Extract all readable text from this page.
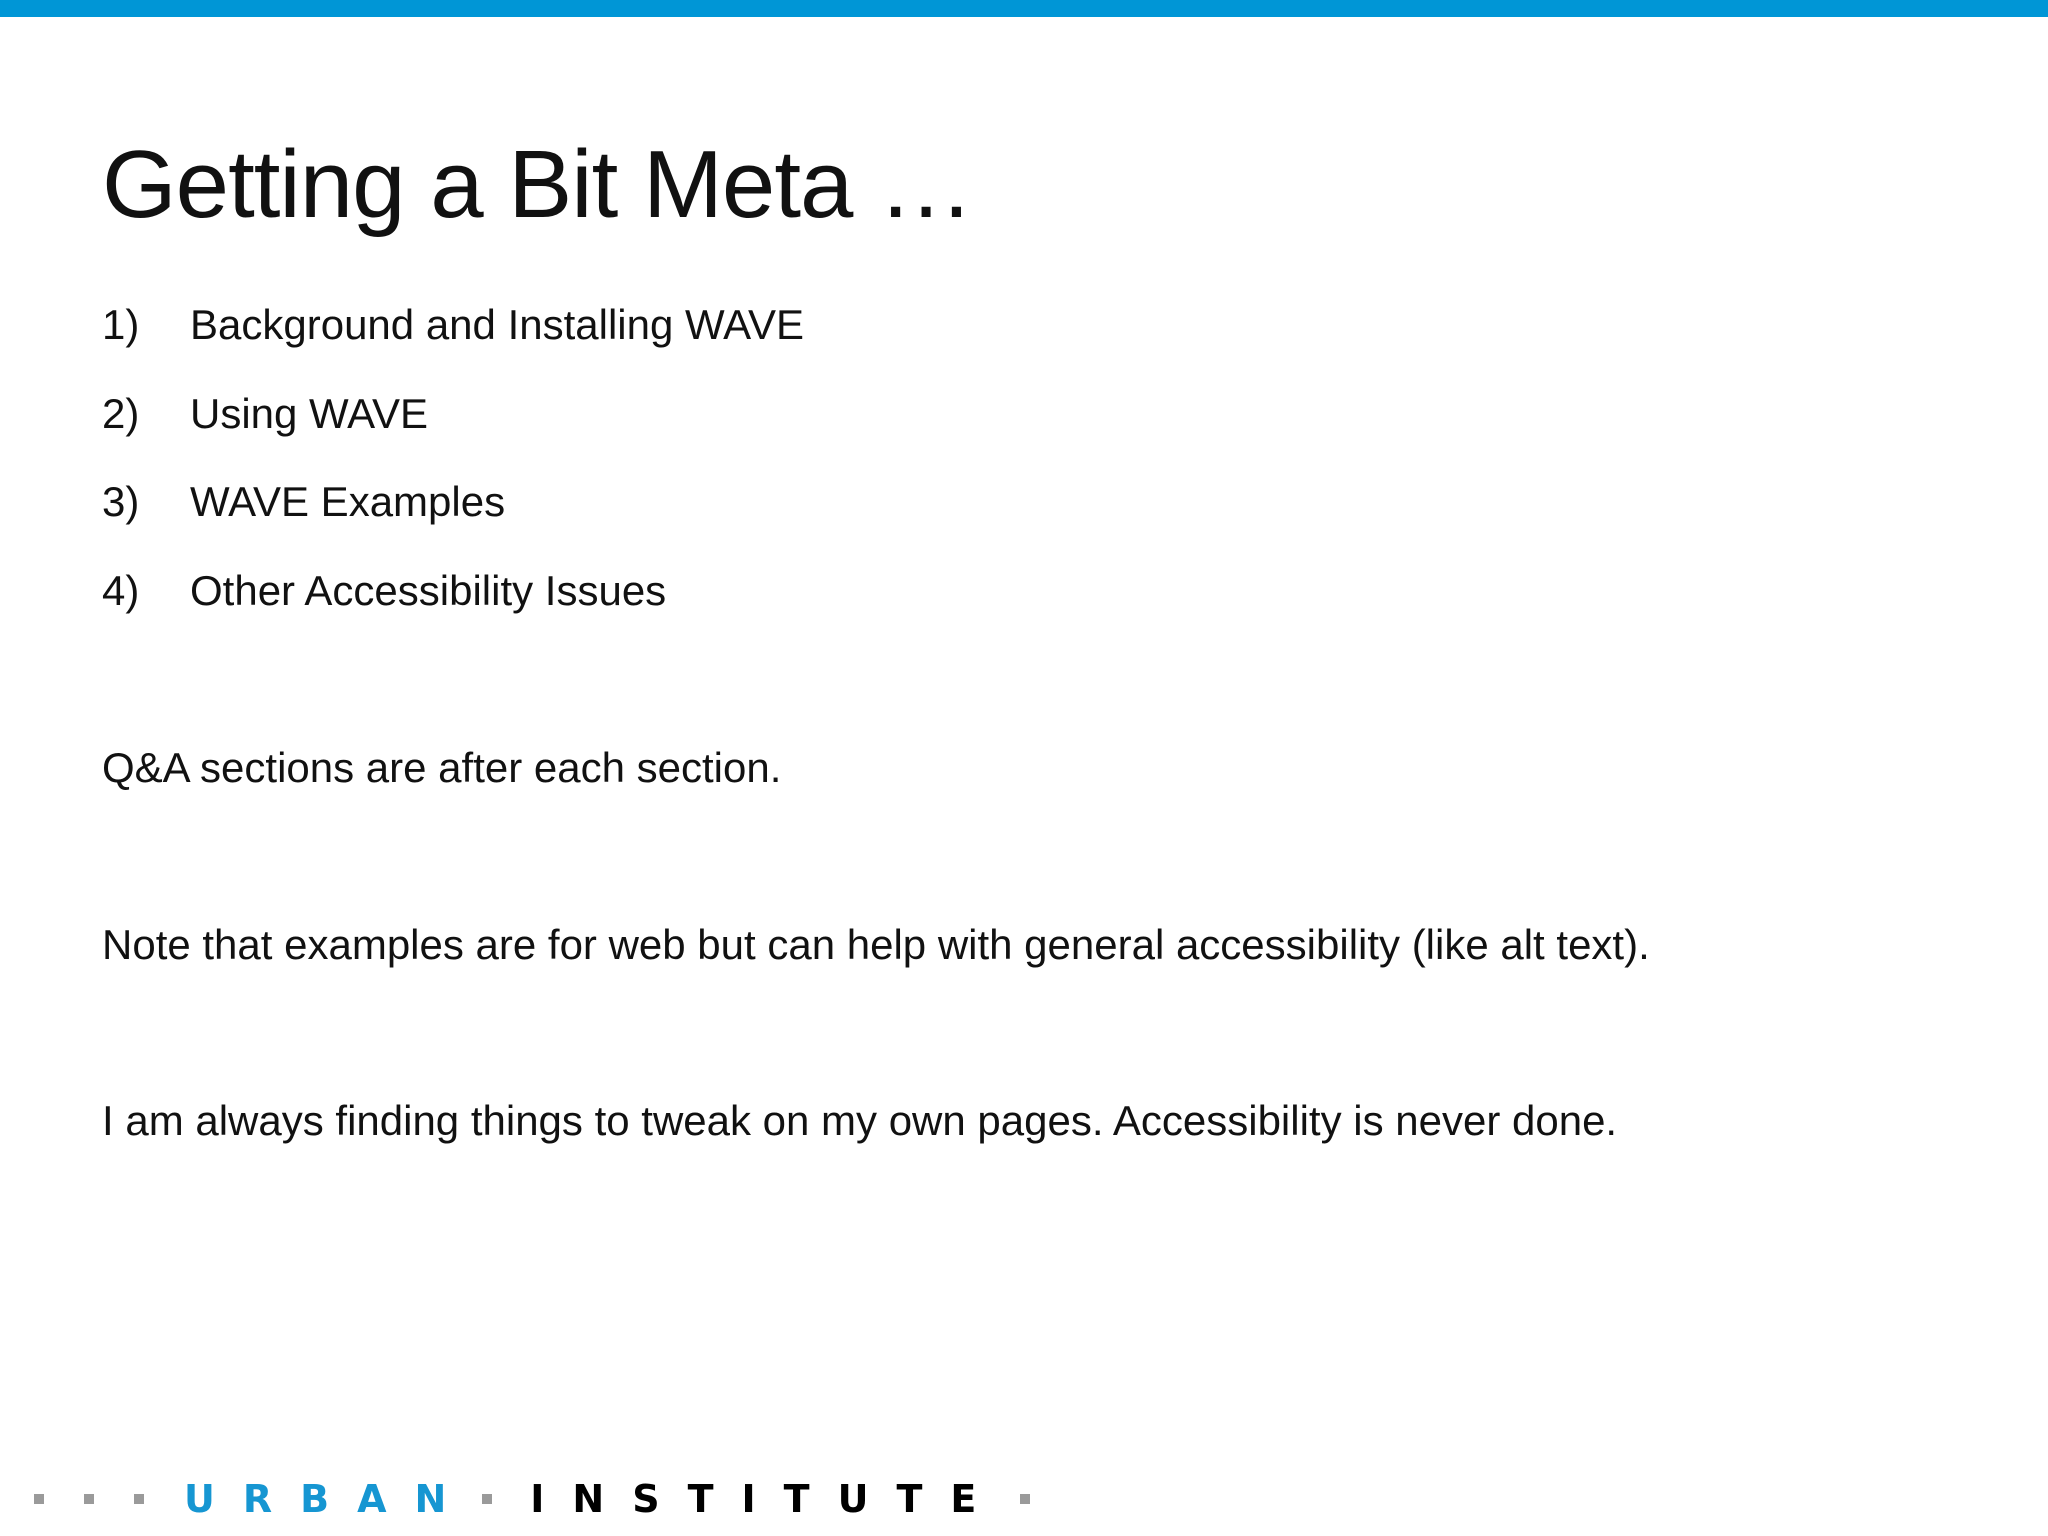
Getting a Bit Meta …
1)	Background and Installing WAVE
2)	Using WAVE
3)	WAVE Examples
4)	Other Accessibility Issues

Q&A sections are after each section.

Note that examples are for web but can help with general accessibility (like alt text).

I am always finding things to tweak on my own pages. Accessibility is never done.

URBAN INSTITUTE
